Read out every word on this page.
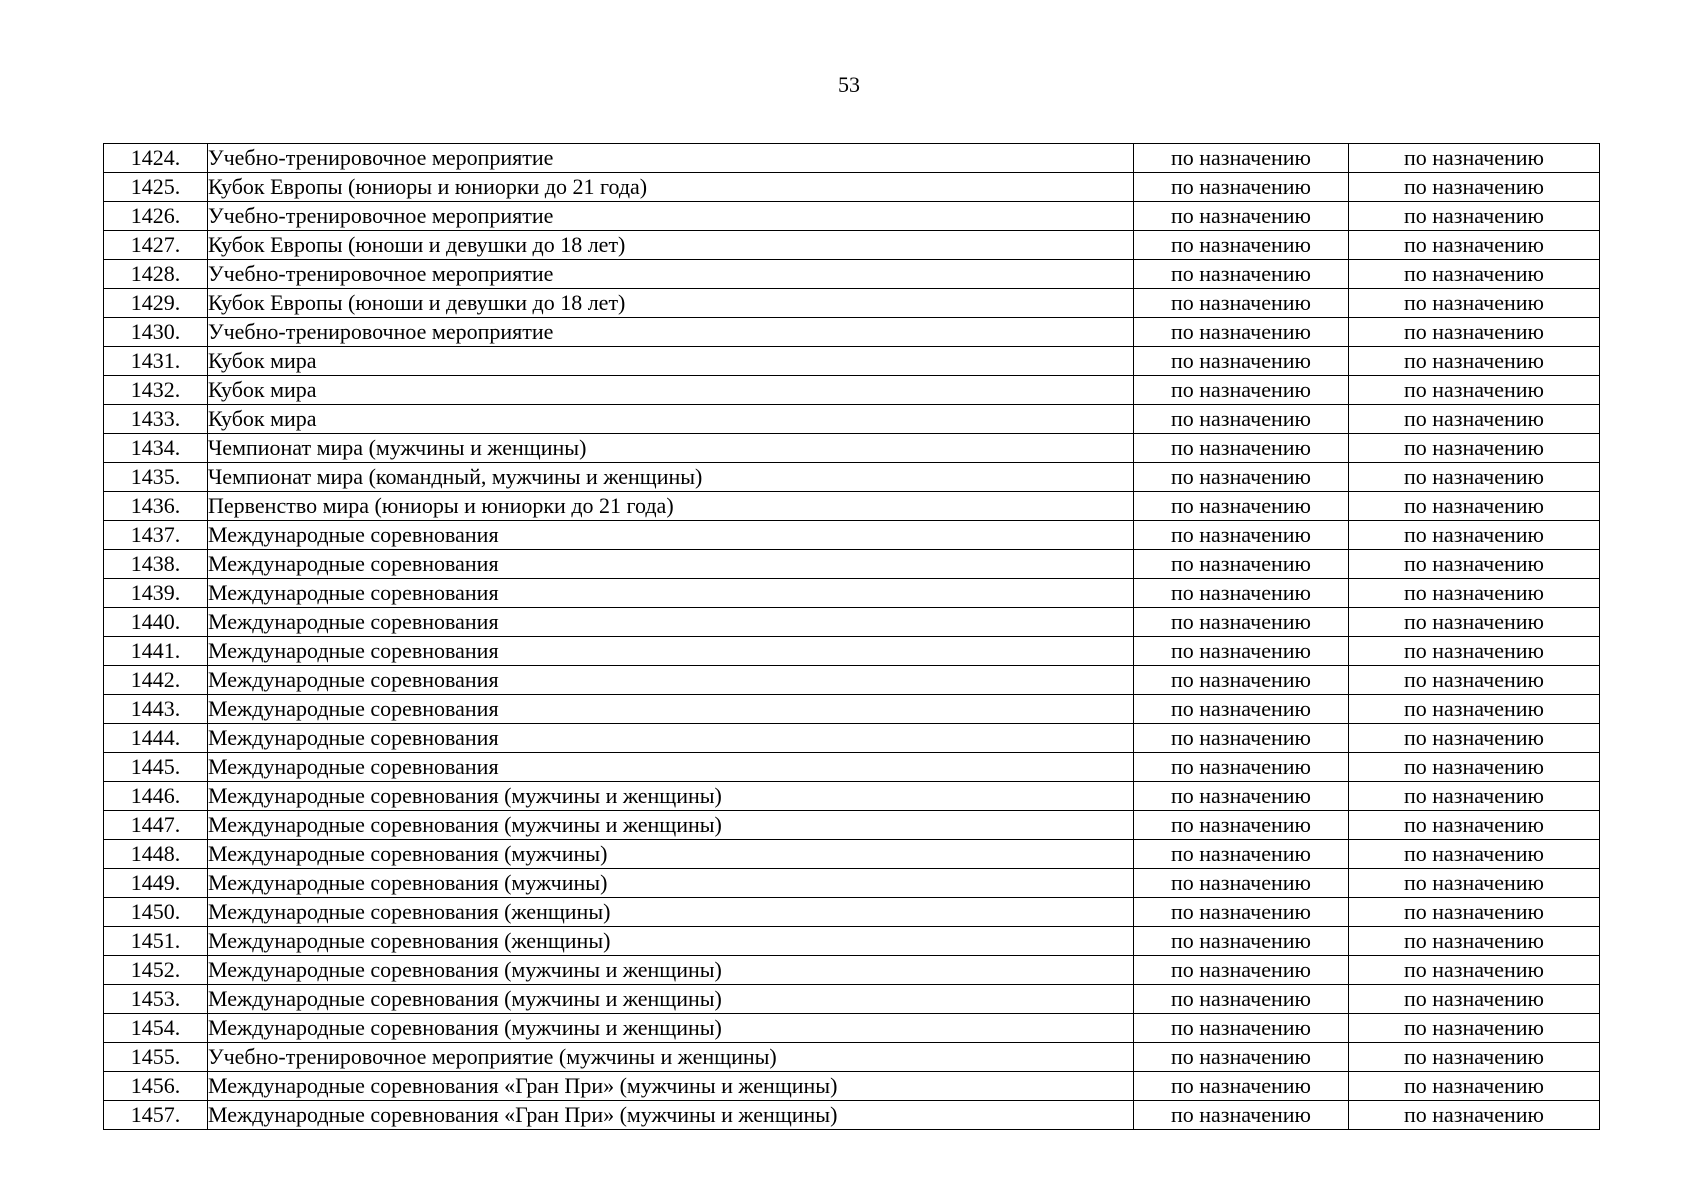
53
1424.	Учебно-тренировочное мероприятие	по назначению	по назначению
1425.	Кубок Европы (юниоры и юниорки до 21 года)	по назначению	по назначению
1426.	Учебно-тренировочное мероприятие	по назначению	по назначению
1427.	Кубок Европы (юноши и девушки до 18 лет)	по назначению	по назначению
1428.	Учебно-тренировочное мероприятие	по назначению	по назначению
1429.	Кубок Европы (юноши и девушки до 18 лет)	по назначению	по назначению
1430.	Учебно-тренировочное мероприятие	по назначению	по назначению
1431.	Кубок мира	по назначению	по назначению
1432.	Кубок мира	по назначению	по назначению
1433.	Кубок мира	по назначению	по назначению
1434.	Чемпионат мира (мужчины и женщины)	по назначению	по назначению
1435.	Чемпионат мира (командный, мужчины и женщины)	по назначению	по назначению
1436.	Первенство мира (юниоры и юниорки до 21 года)	по назначению	по назначению
1437.	Международные соревнования	по назначению	по назначению
1438.	Международные соревнования	по назначению	по назначению
1439.	Международные соревнования	по назначению	по назначению
1440.	Международные соревнования	по назначению	по назначению
1441.	Международные соревнования	по назначению	по назначению
1442.	Международные соревнования	по назначению	по назначению
1443.	Международные соревнования	по назначению	по назначению
1444.	Международные соревнования	по назначению	по назначению
1445.	Международные соревнования	по назначению	по назначению
1446.	Международные соревнования (мужчины и женщины)	по назначению	по назначению
1447.	Международные соревнования (мужчины и женщины)	по назначению	по назначению
1448.	Международные соревнования (мужчины)	по назначению	по назначению
1449.	Международные соревнования (мужчины)	по назначению	по назначению
1450.	Международные соревнования (женщины)	по назначению	по назначению
1451.	Международные соревнования (женщины)	по назначению	по назначению
1452.	Международные соревнования (мужчины и женщины)	по назначению	по назначению
1453.	Международные соревнования (мужчины и женщины)	по назначению	по назначению
1454.	Международные соревнования (мужчины и женщины)	по назначению	по назначению
1455.	Учебно-тренировочное мероприятие (мужчины и женщины)	по назначению	по назначению
1456.	Международные соревнования «Гран При» (мужчины и женщины)	по назначению	по назначению
1457.	Международные соревнования «Гран При» (мужчины и женщины)	по назначению	по назначению
